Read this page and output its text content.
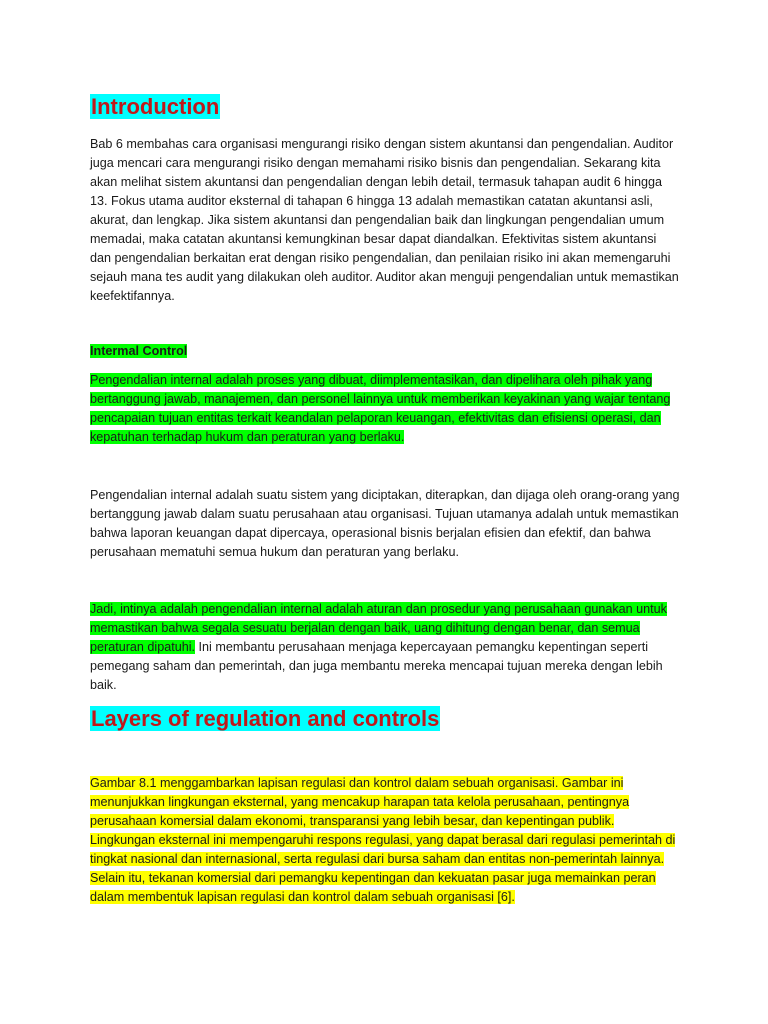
Introduction
Bab 6 membahas cara organisasi mengurangi risiko dengan sistem akuntansi dan pengendalian. Auditor juga mencari cara mengurangi risiko dengan memahami risiko bisnis dan pengendalian. Sekarang kita akan melihat sistem akuntansi dan pengendalian dengan lebih detail, termasuk tahapan audit 6 hingga 13. Fokus utama auditor eksternal di tahapan 6 hingga 13 adalah memastikan catatan akuntansi asli, akurat, dan lengkap. Jika sistem akuntansi dan pengendalian baik dan lingkungan pengendalian umum memadai, maka catatan akuntansi kemungkinan besar dapat diandalkan. Efektivitas sistem akuntansi dan pengendalian berkaitan erat dengan risiko pengendalian, dan penilaian risiko ini akan memengaruhi sejauh mana tes audit yang dilakukan oleh auditor. Auditor akan menguji pengendalian untuk memastikan keefektifannya.
Intermal Control
Pengendalian internal adalah proses yang dibuat, diimplementasikan, dan dipelihara oleh pihak yang bertanggung jawab, manajemen, dan personel lainnya untuk memberikan keyakinan yang wajar tentang pencapaian tujuan entitas terkait keandalan pelaporan keuangan, efektivitas dan efisiensi operasi, dan kepatuhan terhadap hukum dan peraturan yang berlaku.
Pengendalian internal adalah suatu sistem yang diciptakan, diterapkan, dan dijaga oleh orang-orang yang bertanggung jawab dalam suatu perusahaan atau organisasi. Tujuan utamanya adalah untuk memastikan bahwa laporan keuangan dapat dipercaya, operasional bisnis berjalan efisien dan efektif, dan bahwa perusahaan mematuhi semua hukum dan peraturan yang berlaku.
Jadi, intinya adalah pengendalian internal adalah aturan dan prosedur yang perusahaan gunakan untuk memastikan bahwa segala sesuatu berjalan dengan baik, uang dihitung dengan benar, dan semua peraturan dipatuhi. Ini membantu perusahaan menjaga kepercayaan pemangku kepentingan seperti pemegang saham dan pemerintah, dan juga membantu mereka mencapai tujuan mereka dengan lebih baik.
Layers of regulation and controls
Gambar 8.1 menggambarkan lapisan regulasi dan kontrol dalam sebuah organisasi. Gambar ini menunjukkan lingkungan eksternal, yang mencakup harapan tata kelola perusahaan, pentingnya perusahaan komersial dalam ekonomi, transparansi yang lebih besar, dan kepentingan publik. Lingkungan eksternal ini mempengaruhi respons regulasi, yang dapat berasal dari regulasi pemerintah di tingkat nasional dan internasional, serta regulasi dari bursa saham dan entitas non-pemerintah lainnya. Selain itu, tekanan komersial dari pemangku kepentingan dan kekuatan pasar juga memainkan peran dalam membentuk lapisan regulasi dan kontrol dalam sebuah organisasi [6].
